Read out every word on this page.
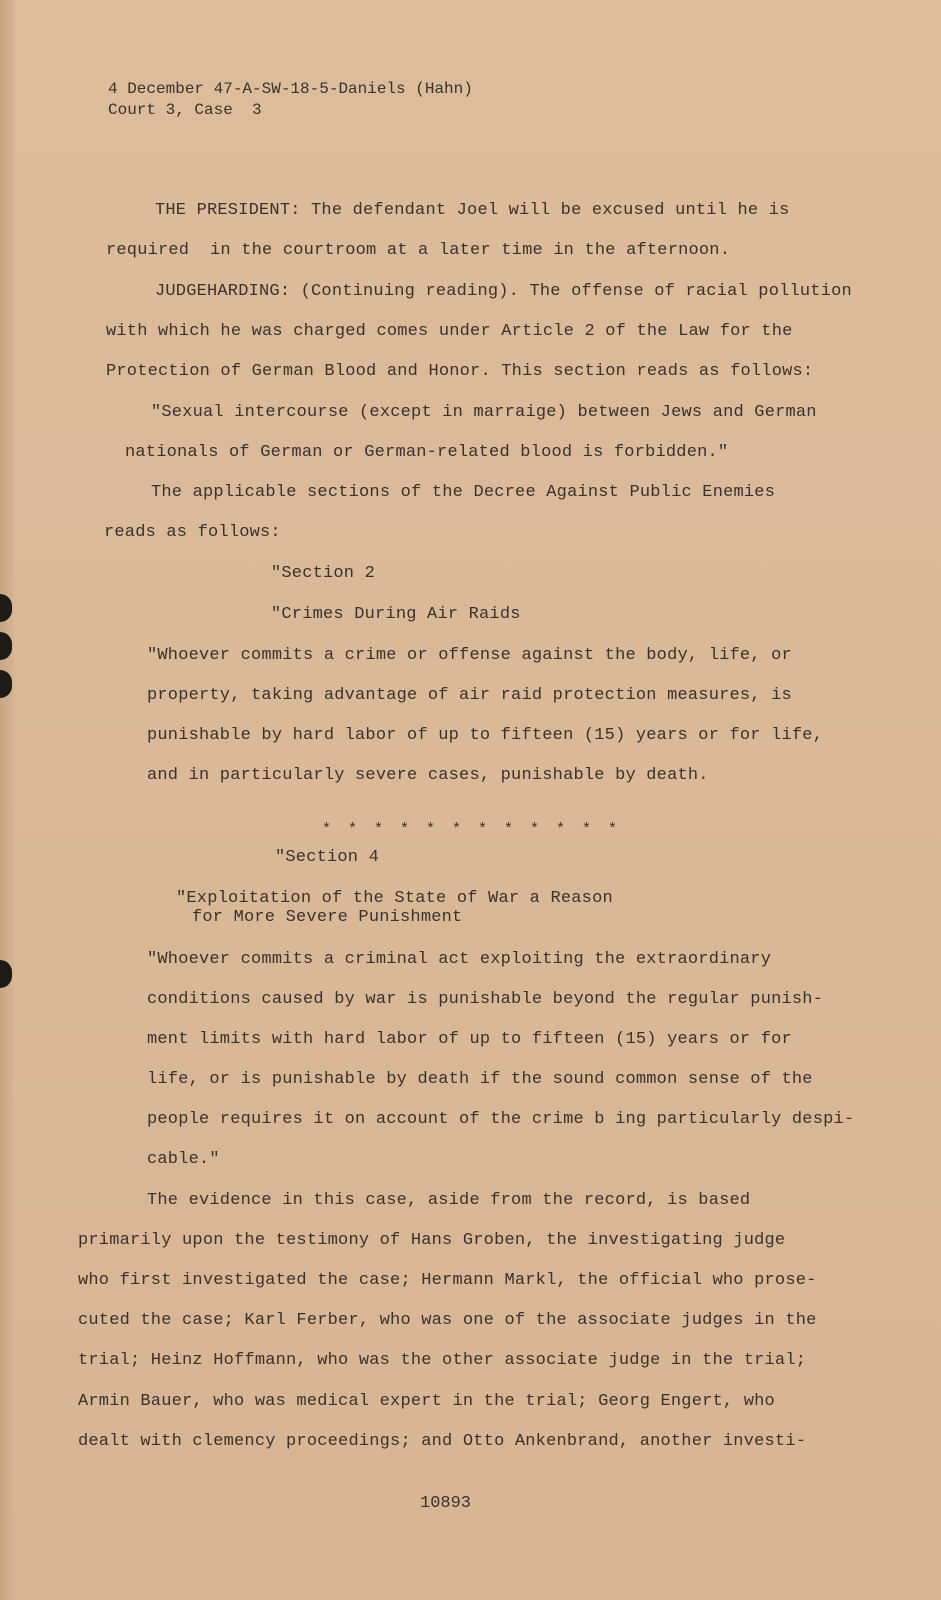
4 December 47-A-SW-18-5-Daniels (Hahn)
Court 3, Case  3
THE PRESIDENT: The defendant Joel will be excused until he is
required  in the courtroom at a later time in the afternoon.
JUDGEHARDING: (Continuing reading). The offense of racial pollution
with which he was charged comes under Article 2 of the Law for the
Protection of German Blood and Honor. This section reads as follows:
"Sexual intercourse (except in marraige) between Jews and German
nationals of German or German-related blood is forbidden."
The applicable sections of the Decree Against Public Enemies
reads as follows:
"Section 2
"Crimes During Air Raids
"Whoever commits a crime or offense against the body, life, or
property, taking advantage of air raid protection measures, is
punishable by hard labor of up to fifteen (15) years or for life,
and in particularly severe cases, punishable by death.
* * * * * * * * * * * *
"Section 4
"Exploitation of the State of War a Reason
for More Severe Punishment
"Whoever commits a criminal act exploiting the extraordinary
conditions caused by war is punishable beyond the regular punish-
ment limits with hard labor of up to fifteen (15) years or for
life, or is punishable by death if the sound common sense of the
people requires it on account of the crime b ing particularly despi-
cable."
The evidence in this case, aside from the record, is based
primarily upon the testimony of Hans Groben, the investigating judge
who first investigated the case; Hermann Markl, the official who prose-
cuted the case; Karl Ferber, who was one of the associate judges in the
trial; Heinz Hoffmann, who was the other associate judge in the trial;
Armin Bauer, who was medical expert in the trial; Georg Engert, who
dealt with clemency proceedings; and Otto Ankenbrand, another investi-
10893
